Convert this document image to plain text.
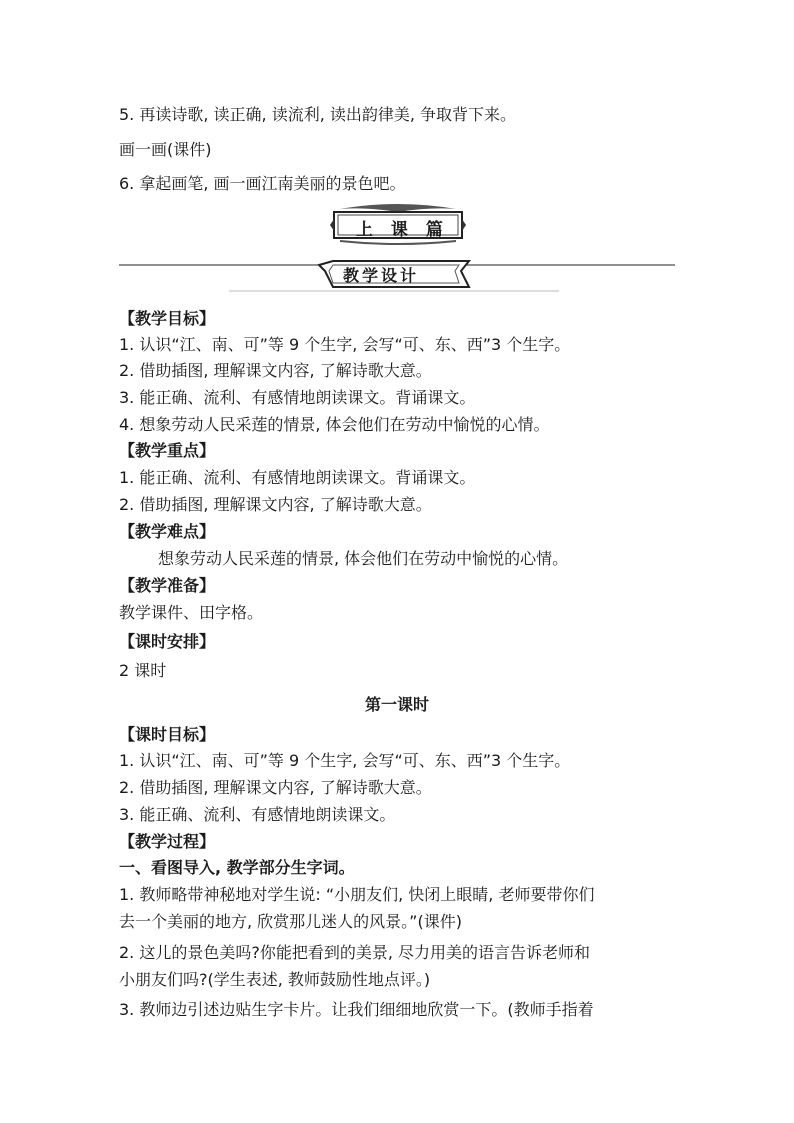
5. 再读诗歌, 读正确, 读流利, 读出韵律美, 争取背下来。
画一画(课件)
6. 拿起画笔, 画一画江南美丽的景色吧。
上 课 篇
教学设计
【教学目标】
1. 认识“江、南、可”等 9 个生字, 会写“可、东、西”3 个生字。
2. 借助插图, 理解课文内容, 了解诗歌大意。
3. 能正确、流利、有感情地朗读课文。背诵课文。
4. 想象劳动人民采莲的情景, 体会他们在劳动中愉悦的心情。
【教学重点】
1. 能正确、流利、有感情地朗读课文。背诵课文。
2. 借助插图, 理解课文内容, 了解诗歌大意。
【教学难点】
想象劳动人民采莲的情景, 体会他们在劳动中愉悦的心情。
【教学准备】
教学课件、田字格。
【课时安排】
2 课时
第一课时
【课时目标】
1. 认识“江、南、可”等 9 个生字, 会写“可、东、西”3 个生字。
2. 借助插图, 理解课文内容, 了解诗歌大意。
3. 能正确、流利、有感情地朗读课文。
【教学过程】
一、看图导入, 教学部分生字词。
1. 教师略带神秘地对学生说: “小朋友们, 快闭上眼睛, 老师要带你们
去一个美丽的地方, 欣赏那儿迷人的风景。”(课件)
2. 这儿的景色美吗?你能把看到的美景, 尽力用美的语言告诉老师和
小朋友们吗?(学生表述, 教师鼓励性地点评。)
3. 教师边引述边贴生字卡片。让我们细细地欣赏一下。(教师手指着
